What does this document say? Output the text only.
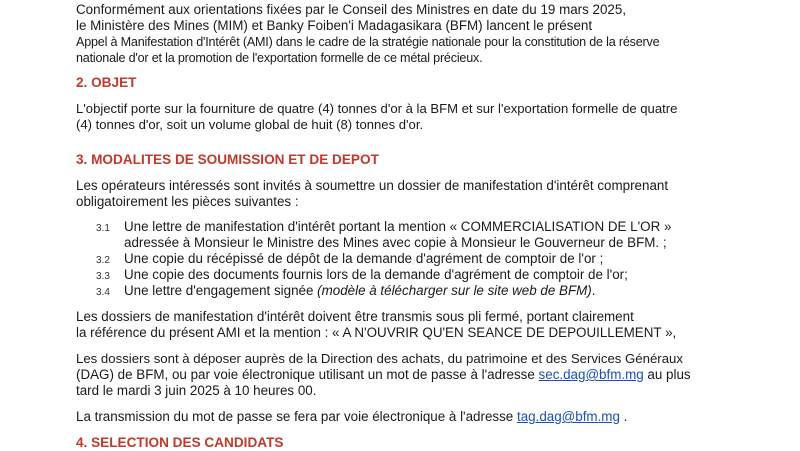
Conformément aux orientations fixées par le Conseil des Ministres en date du 19 mars 2025,
le Ministère des Mines (MIM) et Banky Foiben'i Madagasikara (BFM) lancent le présent
Appel à Manifestation d'Intérêt (AMI) dans le cadre de la stratégie nationale pour la constitution de la réserve
nationale d'or et la promotion de l'exportation formelle de ce métal précieux.
2. OBJET
L'objectif porte sur la fourniture de quatre (4) tonnes d'or à la BFM et sur l'exportation formelle de quatre
(4) tonnes d'or, soit un volume global de huit (8) tonnes d'or.
3. MODALITES DE SOUMISSION ET DE DEPOT
Les opérateurs intéressés sont invités à soumettre un dossier de manifestation d'intérêt comprenant
obligatoirement les pièces suivantes :
3.1 Une lettre de manifestation d'intérêt portant la mention « COMMERCIALISATION DE L'OR »
adressée à Monsieur le Ministre des Mines avec copie à Monsieur le Gouverneur de BFM. ;
3.2 Une copie du récépissé de dépôt de la demande d'agrément de comptoir de l'or ;
3.3 Une copie des documents fournis lors de la demande d'agrément de comptoir de l'or;
3.4 Une lettre d'engagement signée (modèle à télécharger sur le site web de BFM).
Les dossiers de manifestation d'intérêt doivent être transmis sous pli fermé, portant clairement
la référence du présent AMI et la mention : « A N'OUVRIR QU'EN SEANCE DE DEPOUILLEMENT »,
Les dossiers sont à déposer auprès de la Direction des achats, du patrimoine et des Services Généraux
(DAG) de BFM, ou par voie électronique utilisant un mot de passe à l'adresse sec.dag@bfm.mg au plus
tard le mardi 3 juin 2025 à 10 heures 00.
La transmission du mot de passe se fera par voie électronique à l'adresse tag.dag@bfm.mg .
4. SELECTION DES CANDIDATS
